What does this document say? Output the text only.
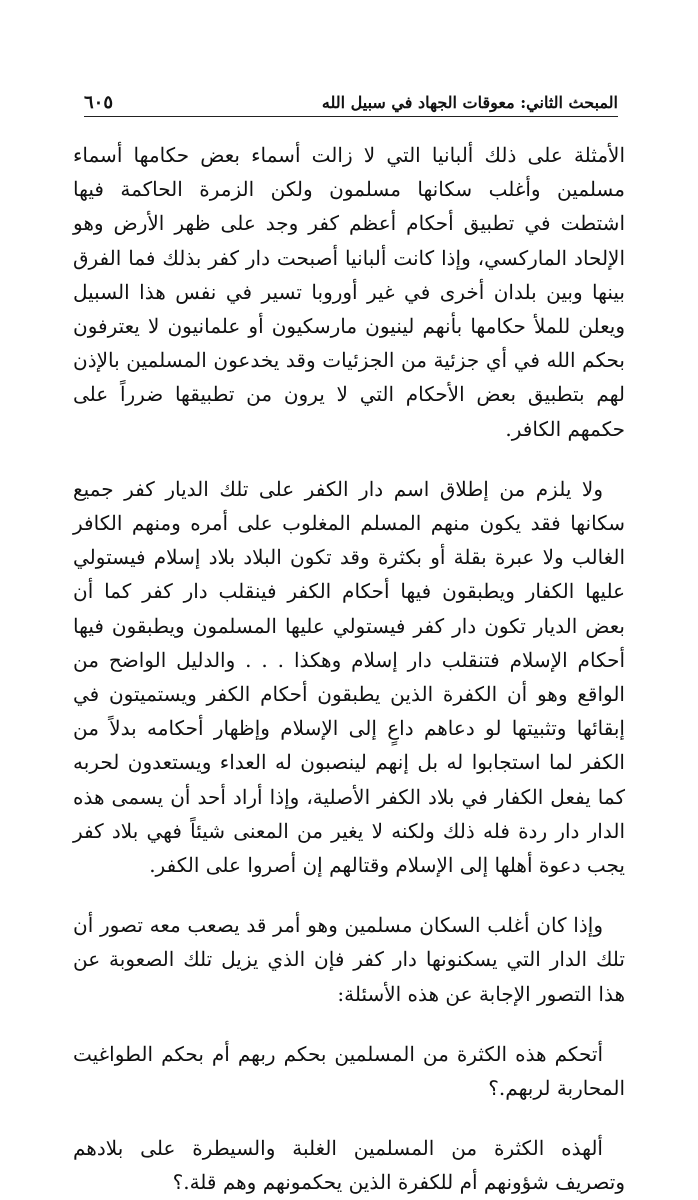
المبحث الثاني: معوقات الجهاد في سبيل الله
٦٠٥

الأمثلة على ذلك ألبانيا التي لا زالت أسماء بعض حكامها أسماء مسلمين وأغلب سكانها مسلمون ولكن الزمرة الحاكمة فيها اشتطت في تطبيق أحكام أعظم كفر وجد على ظهر الأرض وهو الإلحاد الماركسي، وإذا كانت ألبانيا أصبحت دار كفر بذلك فما الفرق بينها وبين بلدان أخرى في غير أوروبا تسير في نفس هذا السبيل ويعلن للملأ حكامها بأنهم لينيون مارسكيون أو علمانيون لا يعترفون بحكم الله في أي جزئية من الجزئيات وقد يخدعون المسلمين بالإذن لهم بتطبيق بعض الأحكام التي لا يرون من تطبيقها ضرراً على حكمهم الكافر.

ولا يلزم من إطلاق اسم دار الكفر على تلك الديار كفر جميع سكانها فقد يكون منهم المسلم المغلوب على أمره ومنهم الكافر الغالب ولا عبرة بقلة أو بكثرة وقد تكون البلاد بلاد إسلام فيستولي عليها الكفار ويطبقون فيها أحكام الكفر فينقلب دار كفر كما أن بعض الديار تكون دار كفر فيستولي عليها المسلمون ويطبقون فيها أحكام الإسلام فتنقلب دار إسلام وهكذا . . . والدليل الواضح من الواقع وهو أن الكفرة الذين يطبقون أحكام الكفر ويستميتون في إبقائها وتثبيتها لو دعاهم داعٍ إلى الإسلام وإظهار أحكامه بدلاً من الكفر لما استجابوا له بل إنهم لينصبون له العداء ويستعدون لحربه كما يفعل الكفار في بلاد الكفر الأصلية، وإذا أراد أحد أن يسمى هذه الدار دار ردة فله ذلك ولكنه لا يغير من المعنى شيئاً فهي بلاد كفر يجب دعوة أهلها إلى الإسلام وقتالهم إن أصروا على الكفر.

وإذا كان أغلب السكان مسلمين وهو أمر قد يصعب معه تصور أن تلك الدار التي يسكنونها دار كفر فإن الذي يزيل تلك الصعوبة عن هذا التصور الإجابة عن هذه الأسئلة:

أتحكم هذه الكثرة من المسلمين بحكم ربهم أم بحكم الطواغيت المحاربة لربهم.؟

ألهذه الكثرة من المسلمين الغلبة والسيطرة على بلادهم وتصريف شؤونهم أم للكفرة الذين يحكمونهم وهم قلة.؟
